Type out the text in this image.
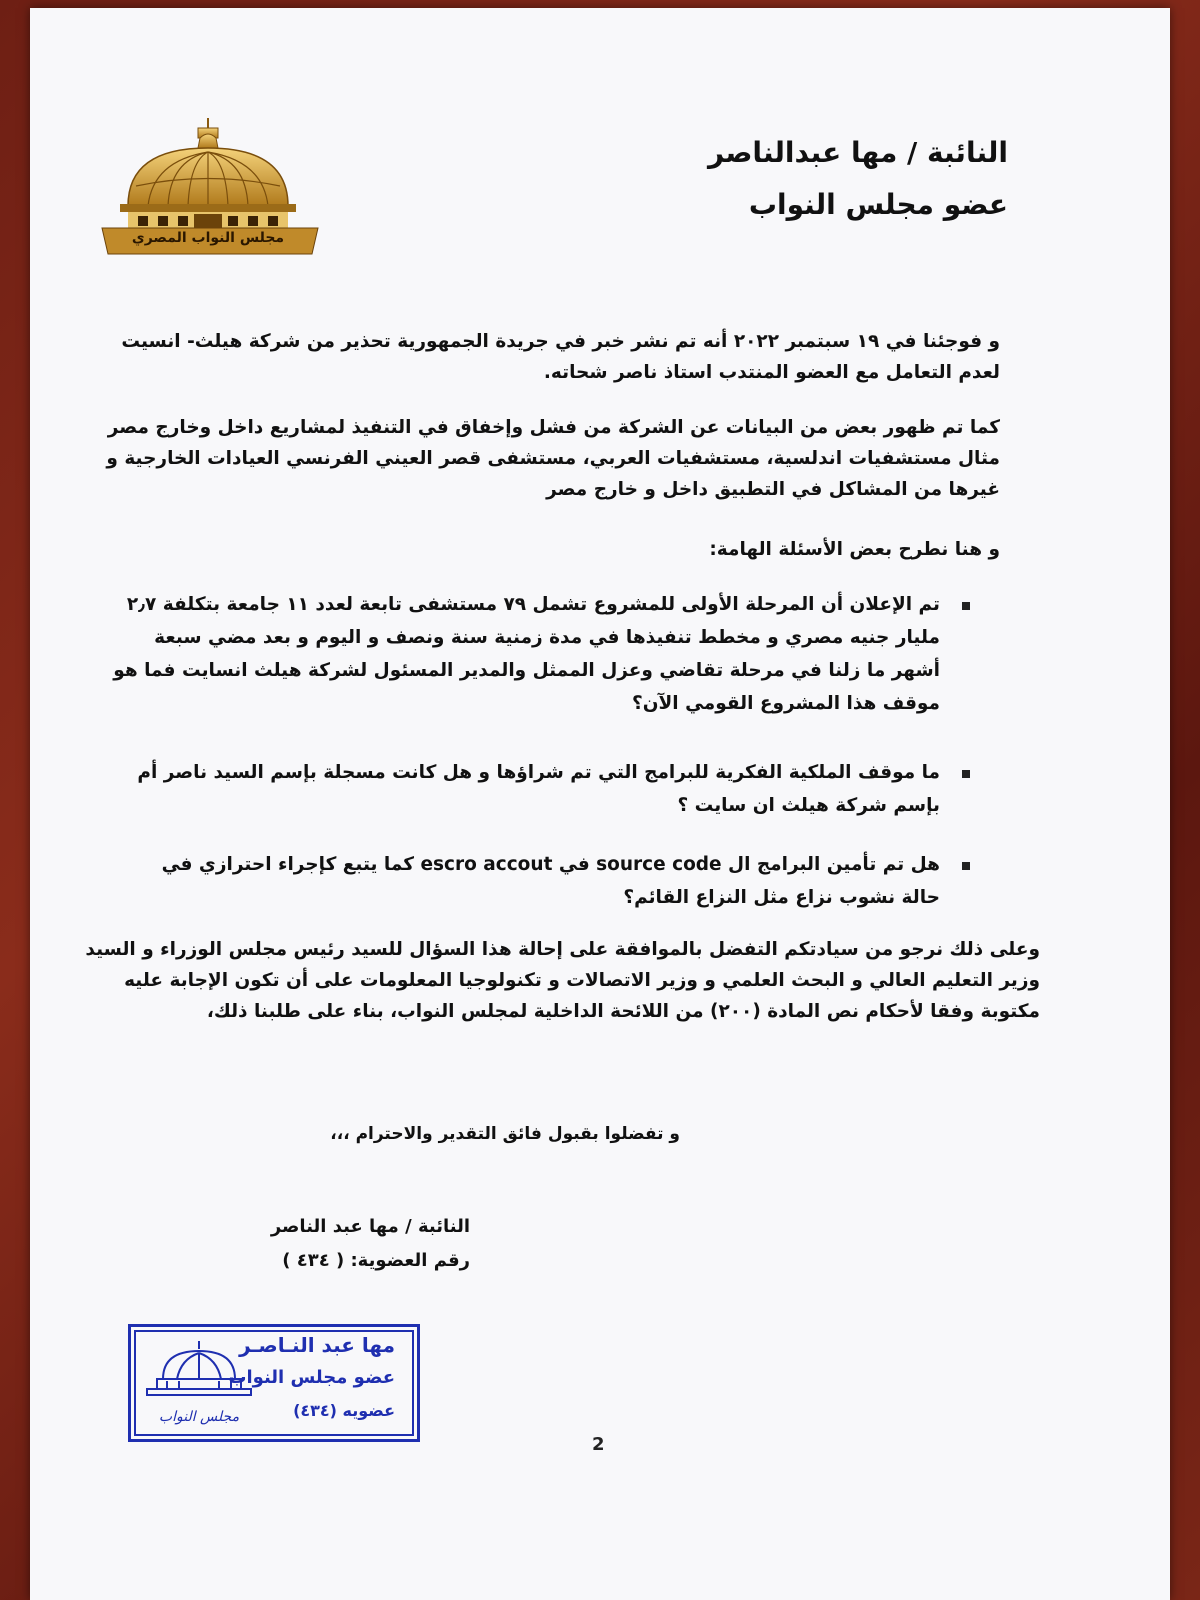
مجلس النواب المصري
النائبة / مها عبدالناصر
عضو مجلس النواب

و فوجئنا في ١٩ سبتمبر ٢٠٢٢ أنه تم نشر خبر في جريدة الجمهورية تحذير من شركة هيلث- انسيت

لعدم التعامل مع العضو المنتدب استاذ ناصر شحاته.

كما تم ظهور بعض من البيانات عن الشركة من فشل وإخفاق في التنفيذ لمشاريع داخل وخارج مصر

مثال مستشفيات اندلسية، مستشفيات العربي، مستشفى قصر العيني الفرنسي العيادات الخارجية و

غيرها من المشاكل في التطبيق داخل و خارج مصر

و هنا نطرح بعض الأسئلة الهامة:

تم الإعلان أن المرحلة الأولى للمشروع تشمل ٧٩ مستشفى تابعة لعدد ١١ جامعة بتكلفة ٢٫٧

مليار جنيه مصري و مخطط تنفيذها في مدة زمنية سنة ونصف و اليوم و بعد مضي سبعة

أشهر ما زلنا في مرحلة تقاضي وعزل الممثل والمدير المسئول لشركة هيلث انسايت فما هو

موقف هذا المشروع القومي الآن؟

ما موقف الملكية الفكرية للبرامج التي تم شراؤها و هل كانت مسجلة بإسم السيد ناصر أم

بإسم شركة هيلث ان سايت ؟

هل تم تأمين البرامج ال source code في escro accout كما يتبع كإجراء احترازي في

حالة نشوب نزاع مثل النزاع القائم؟

وعلى ذلك نرجو من سيادتكم التفضل بالموافقة على إحالة هذا السؤال للسيد رئيس مجلس الوزراء و السيد

وزير التعليم العالي و البحث العلمي و وزير الاتصالات و تكنولوجيا المعلومات على أن تكون الإجابة عليه

مكتوبة وفقا لأحكام نص المادة (٢٠٠) من اللائحة الداخلية لمجلس النواب، بناء على طلبنا ذلك،

و تفضلوا بقبول فائق التقدير والاحترام ،،،
النائبة / مها عبد الناصر
رقم العضوية: ( ٤٣٤ )
مجلس النواب
مها عبد النـاصـر
عضو مجلس النواب
عضويه (٤٣٤)
2
